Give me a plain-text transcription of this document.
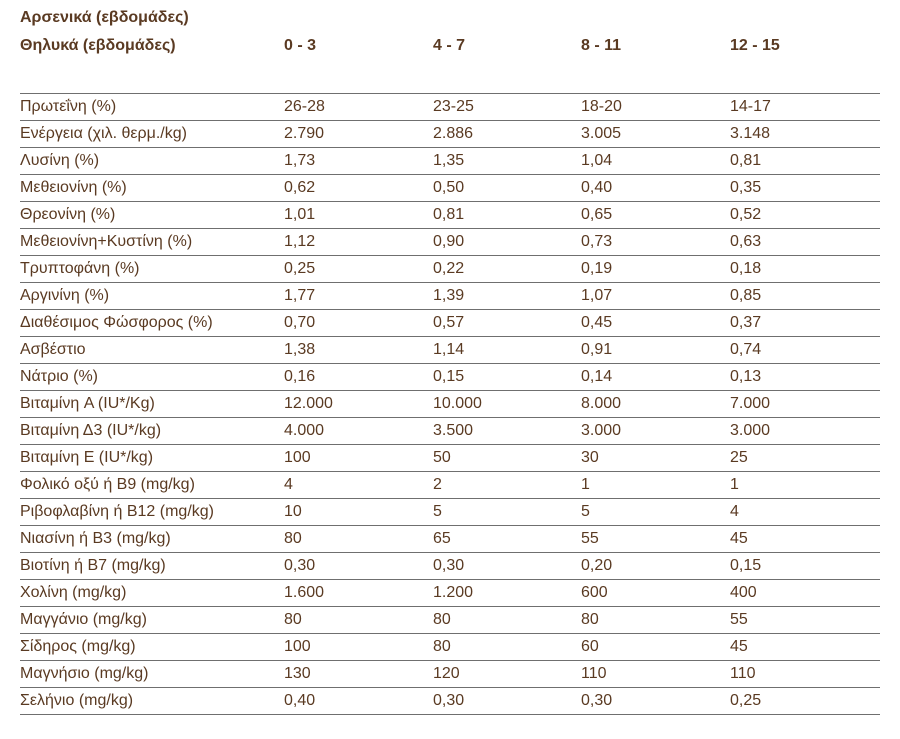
Αρσενικά (εβδομάδες)
Θηλυκά (εβδομάδες)	0 - 3	4 - 7	8 - 11	12 - 15
Πρωτεΐνη (%)	26-28	23-25	18-20	14-17
Ενέργεια (χιλ. θερμ./kg)	2.790	2.886	3.005	3.148
Λυσίνη (%)	1,73	1,35	1,04	0,81
Μεθειονίνη (%)	0,62	0,50	0,40	0,35
Θρεονίνη (%)	1,01	0,81	0,65	0,52
Μεθειονίνη+Κυστίνη (%)	1,12	0,90	0,73	0,63
Τρυπτοφάνη (%)	0,25	0,22	0,19	0,18
Αργινίνη (%)	1,77	1,39	1,07	0,85
Διαθέσιμος Φώσφορος (%)	0,70	0,57	0,45	0,37
Ασβέστιο	1,38	1,14	0,91	0,74
Νάτριο (%)	0,16	0,15	0,14	0,13
Βιταμίνη A (IU*/Kg)	12.000	10.000	8.000	7.000
Βιταμίνη Δ3 (IU*/kg)	4.000	3.500	3.000	3.000
Βιταμίνη E (IU*/kg)	100	50	30	25
Φολικό οξύ ή B9 (mg/kg)	4	2	1	1
Ριβοφλαβίνη ή B12 (mg/kg)	10	5	5	4
Νιασίνη ή B3 (mg/kg)	80	65	55	45
Βιοτίνη ή B7 (mg/kg)	0,30	0,30	0,20	0,15
Χολίνη (mg/kg)	1.600	1.200	600	400
Μαγγάνιο (mg/kg)	80	80	80	55
Σίδηρος (mg/kg)	100	80	60	45
Μαγνήσιο (mg/kg)	130	120	110	110
Σελήνιο (mg/kg)	0,40	0,30	0,30	0,25
